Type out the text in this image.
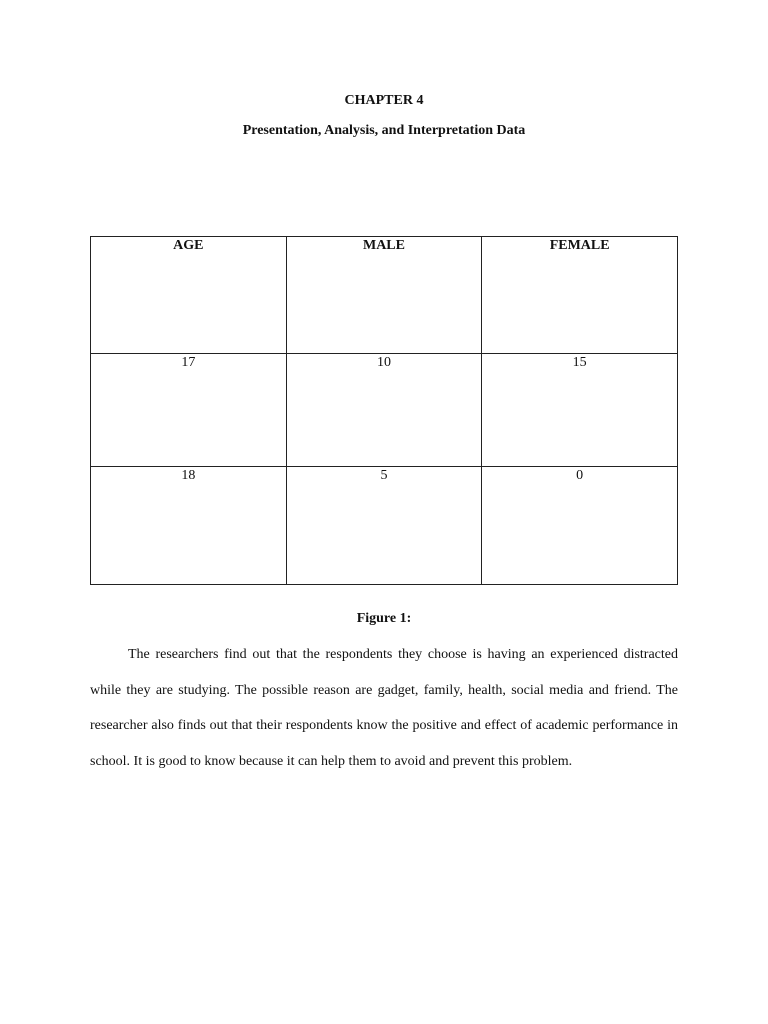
CHAPTER 4
Presentation, Analysis, and Interpretation Data
AGE	MALE	FEMALE
17	10	15
18	5	0
Figure 1:

The researchers find out that the respondents they choose is having an experienced distracted while they are studying. The possible reason are gadget, family, health, social media and friend. The researcher also finds out that their respondents know the positive and effect of academic performance in school. It is good to know because it can help them to avoid and prevent this problem.
